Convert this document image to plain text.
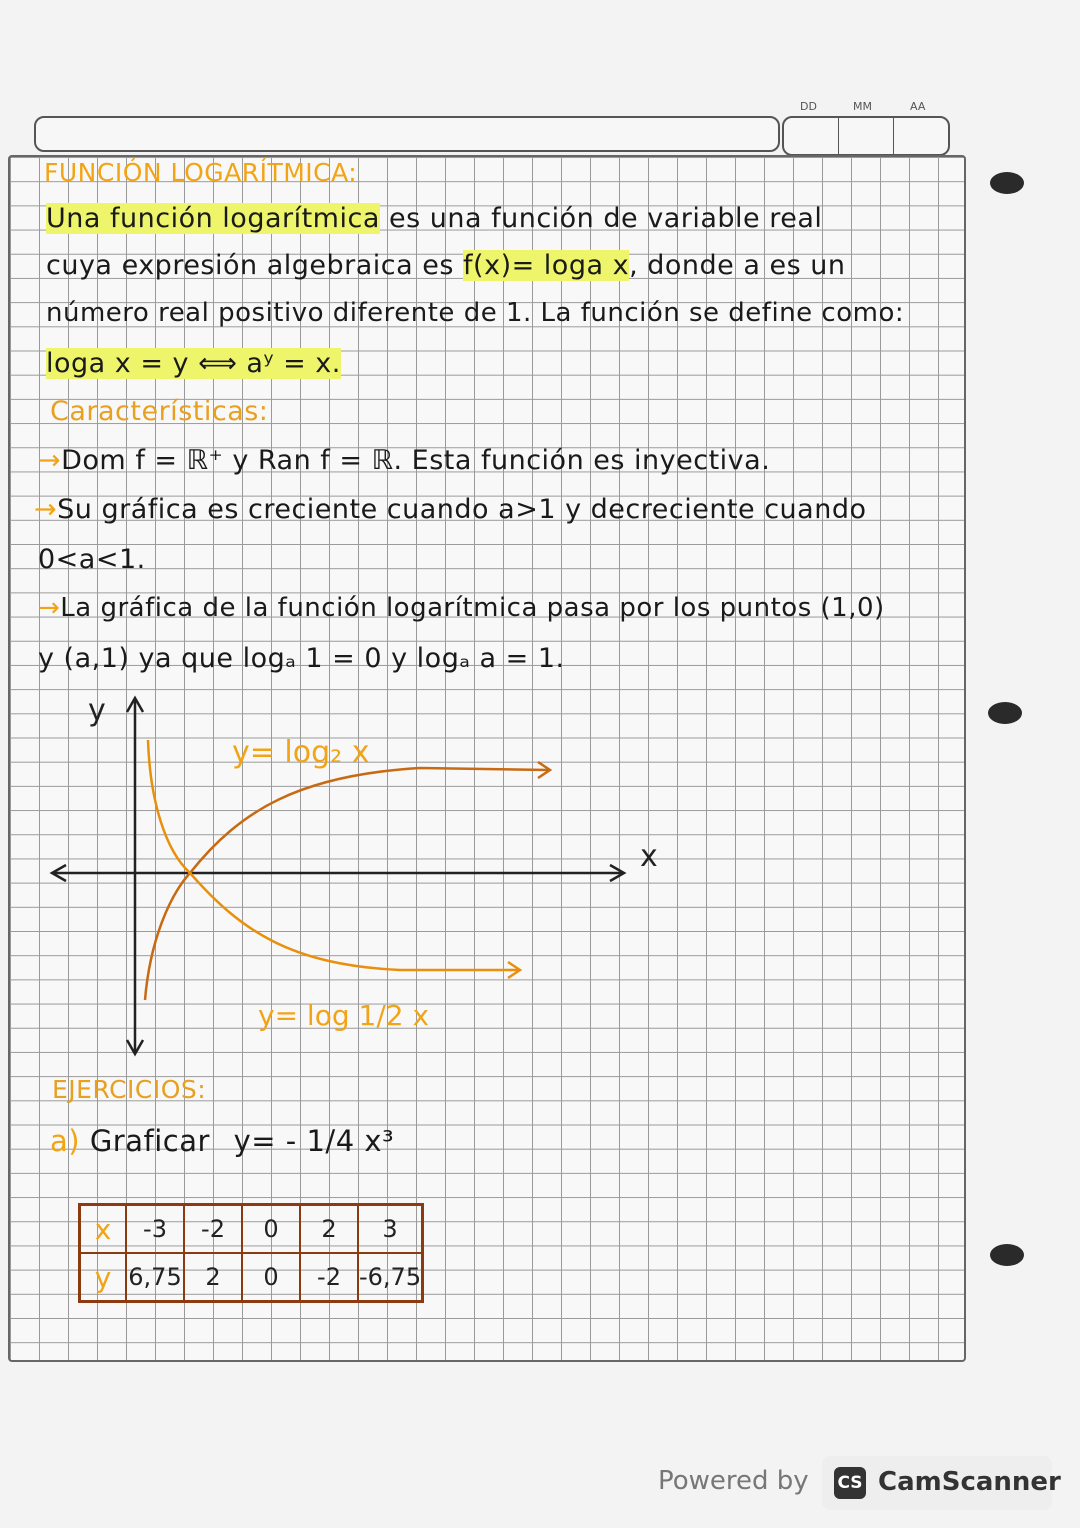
DD	MM	AA
FUNCIÓN LOGARÍTMICA:
Una función logarítmica es una función de variable real
cuya expresión algebraica es f(x)= loga x, donde a es un
número real positivo diferente de 1. La función se define como:
loga x = y ⟺ aʸ = x.
Características:
→Dom f = ℝ⁺ y Ran f = ℝ. Esta función es inyectiva.
→Su gráfica es creciente cuando a>1 y decreciente cuando
0<a<1.
→La gráfica de la función logarítmica pasa por los puntos (1,0)
y (a,1) ya que logₐ 1 = 0 y logₐ a = 1.
y
x
y= log₂ x
y= log 1/2 x
EJERCICIOS:
a) Graficar y= - 1/4 x³
x	-3	-2	0	2	3
y	6,75	2	0	-2	-6,75
Powered by CS CamScanner
